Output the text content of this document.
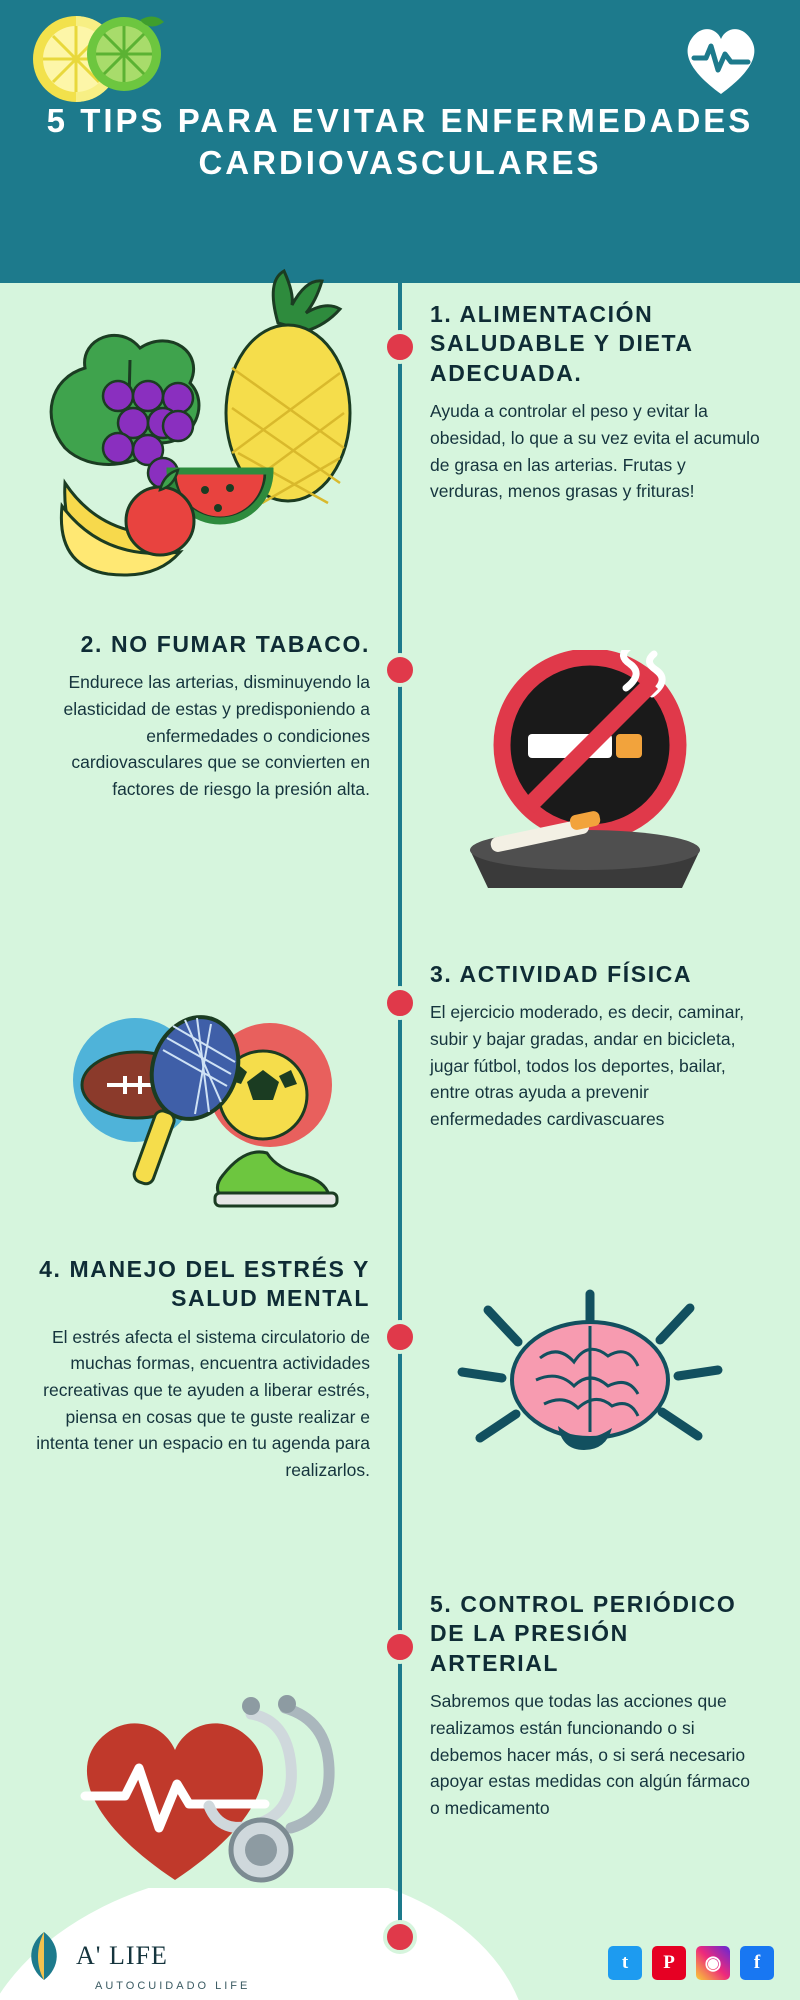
5 TIPS PARA EVITAR ENFERMEDADES CARDIOVASCULARES
1. ALIMENTACIÓN SALUDABLE Y DIETA ADECUADA.
Ayuda a controlar el peso y evitar la obesidad, lo que a su vez evita el acumulo de grasa en las arterias. Frutas y verduras, menos grasas y frituras!
2. NO FUMAR TABACO.
Endurece las arterias, disminuyendo la elasticidad de estas y predisponiendo a enfermedades o condiciones cardiovasculares que se convierten en factores de riesgo la presión alta.
3. ACTIVIDAD FÍSICA
El ejercicio moderado, es decir, caminar, subir y bajar gradas, andar en bicicleta, jugar fútbol, todos los deportes, bailar, entre otras ayuda a prevenir enfermedades cardivascuares
4. MANEJO DEL ESTRÉS Y SALUD MENTAL
El estrés afecta el sistema circulatorio de muchas formas, encuentra actividades recreativas que te ayuden a liberar estrés, piensa en cosas que te guste realizar e intenta tener un espacio en tu agenda para realizarlos.
5. CONTROL PERIÓDICO DE LA PRESIÓN ARTERIAL
Sabremos que todas las acciones que realizamos están funcionando o si debemos hacer más, o si será necesario apoyar estas medidas con algún fármaco o medicamento
A' LIFE
AUTOCUIDADO LIFE
t	P	◉	f
